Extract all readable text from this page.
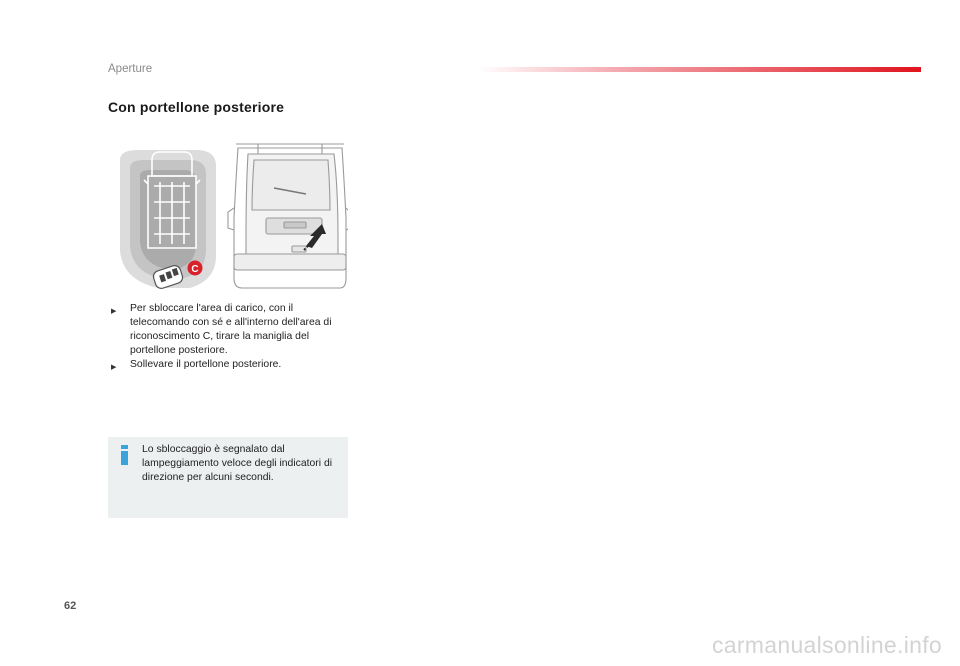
Aperture
Con portellone posteriore
C
▶ Per sbloccare l'area di carico, con il telecomando con sé e all'interno dell'area di riconoscimento C, tirare la maniglia del portellone posteriore.
▶ Sollevare il portellone posteriore.
Lo sbloccaggio è segnalato dal lampeggiamento veloce degli indicatori di direzione per alcuni secondi.
62
carmanualsonline.info
